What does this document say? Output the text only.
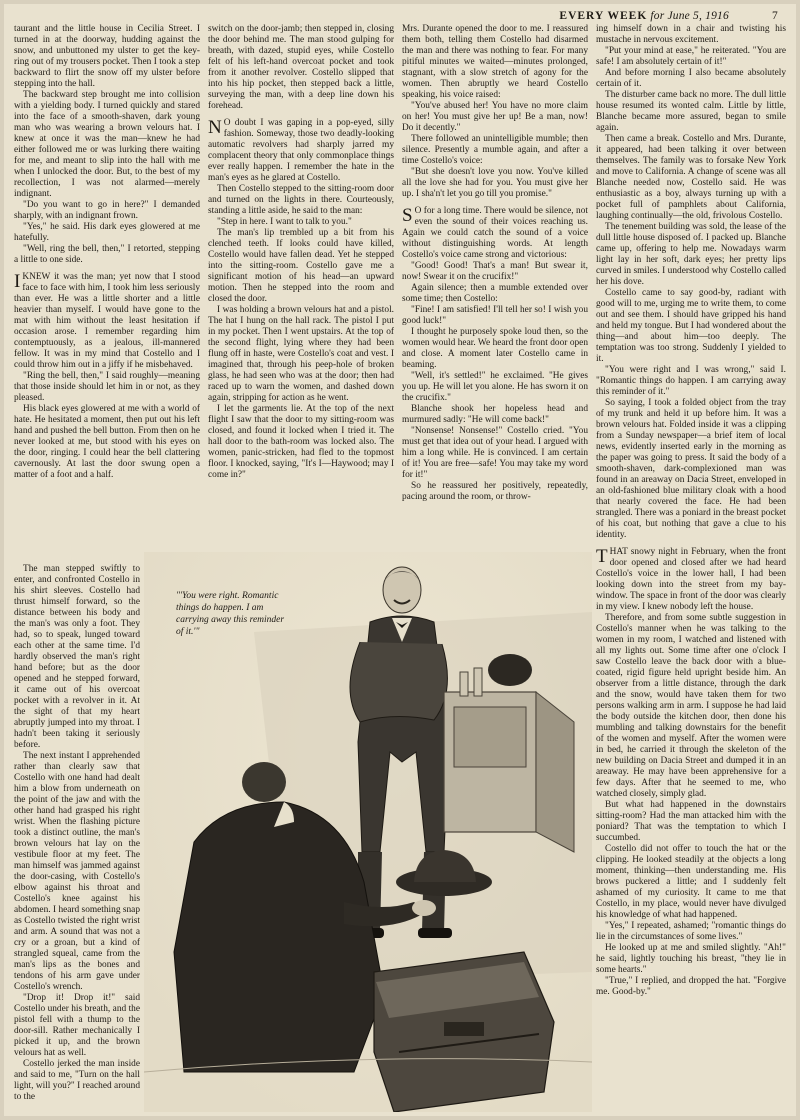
EVERY WEEK for June 5, 1916	7

taurant and the little house in Cecilia Street. I turned in at the doorway, hudding against the snow, and unbuttoned my ulster to get the key-ring out of my trousers pocket. Then I took a step backward to flirt the snow off my ulster before stepping into the hall.

The backward step brought me into collision with a yielding body. I turned quickly and stared into the face of a smooth-shaven, dark young man who was wearing a brown velours hat. I knew at once it was the man—knew he had either followed me or was lurking there waiting for me, and meant to slip into the hall with me when I unlocked the door. But, to the best of my recollection, I was not alarmed—merely indignant.

"Do you want to go in here?" I demanded sharply, with an indignant frown.

"Yes," he said. His dark eyes glowered at me hatefully.

"Well, ring the bell, then," I retorted, stepping a little to one side.

I KNEW it was the man; yet now that I stood face to face with him, I took him less seriously than ever. He was a little shorter and a little heavier than myself. I would have gone to the mat with him without the least hesitation if occasion arose. I remember regarding him contemptuously, as a jealous, ill-mannered fellow. It was in my mind that Costello and I could throw him out in a jiffy if he misbehaved.

"Ring the bell, then," I said roughly—meaning that those inside should let him in or not, as they pleased.

His black eyes glowered at me with a world of hate. He hesitated a moment, then put out his left hand and pushed the bell button. From then on he never looked at me, but stood with his eyes on the door, ringing. I could hear the bell clattering cavernously. At last the door swung open a matter of a foot and a half.

The man stepped swiftly to enter, and confronted Costello in his shirt sleeves. Costello had thrust himself forward, so the distance between his body and the man's was only a foot. They had, so to speak, lunged toward each other at the same time. I'd hardly observed the man's right hand before; but as the door opened and he stepped forward, it came out of his overcoat pocket with a revolver in it. At the sight of that my heart abruptly jumped into my throat. I hadn't been taking it seriously before.

The next instant I apprehended rather than clearly saw that Costello with one hand had dealt him a blow from underneath on the point of the jaw and with the other hand had grasped his right wrist. When the flashing picture took a distinct outline, the man's brown velours hat lay on the vestibule floor at my feet. The man himself was jammed against the door-casing, with Costello's elbow against his throat and Costello's knee against his abdomen. I heard something snap as Costello twisted the right wrist and arm. A sound that was not a cry or a groan, but a kind of strangled squeal, came from the man's lips as the bones and tendons of his arm gave under Costello's wrench.

"Drop it! Drop it!" said Costello under his breath, and the pistol fell with a thump to the door-sill. Rather mechanically I picked it up, and the brown velours hat as well.

Costello jerked the man inside and said to me, "Turn on the hall light, will you?" I reached around to the

switch on the door-jamb; then stepped in, closing the door behind me. The man stood gulping for breath, with dazed, stupid eyes, while Costello felt of his left-hand overcoat pocket and took from it another revolver. Costello slipped that into his hip pocket, then stepped back a little, surveying the man, with a deep line down his forehead.

N O doubt I was gaping in a pop-eyed, silly fashion. Someway, those two deadly-looking automatic revolvers had sharply jarred my complacent theory that only commonplace things ever really happen. I remember the hate in the man's eyes as he glared at Costello.

Then Costello stepped to the sitting-room door and turned on the lights in there. Courteously, standing a little aside, he said to the man:

"Step in here. I want to talk to you."

The man's lip trembled up a bit from his clenched teeth. If looks could have killed, Costello would have fallen dead. Yet he stepped into the sitting-room. Costello gave me a significant motion of his head—an upward motion. Then he stepped into the room and closed the door.

I was holding a brown velours hat and a pistol. The hat I hung on the hall rack. The pistol I put in my pocket. Then I went upstairs. At the top of the second flight, lying where they had been flung off in haste, were Costello's coat and vest. I imagined that, through his peep-hole of broken glass, he had seen who was at the door; then had raced up to warn the women, and dashed down again, stripping for action as he went.

I let the garments lie. At the top of the next flight I saw that the door to my sitting-room was closed, and found it locked when I tried it. The hall door to the bath-room was locked also. The women, panic-stricken, had fled to the topmost floor. I knocked, saying, "It's I—Haywood; may I come in?"

Mrs. Durante opened the door to me. I reassured them both, telling them Costello had disarmed the man and there was nothing to fear. For many pitiful minutes we waited—minutes prolonged, stagnant, with a slow stretch of agony for the women. Then abruptly we heard Costello speaking, his voice raised:

"You've abused her! You have no more claim on her! You must give her up! Be a man, now! Do it decently."

There followed an unintelligible mumble; then silence. Presently a mumble again, and after a time Costello's voice:

"But she doesn't love you now. You've killed all the love she had for you. You must give her up. I sha'n't let you go till you promise."

S O for a long time. There would be silence, not even the sound of their voices reaching us. Again we could catch the sound of a voice without distinguishing words. At length Costello's voice came strong and victorious:

"Good! Good! That's a man! But swear it, now! Swear it on the crucifix!"

Again silence; then a mumble extended over some time; then Costello:

"Fine! I am satisfied! I'll tell her so! I wish you good luck!"

I thought he purposely spoke loud then, so the women would hear. We heard the front door open and close. A moment later Costello came in beaming.

"Well, it's settled!" he exclaimed. "He gives you up. He will let you alone. He has sworn it on the crucifix."

Blanche shook her hopeless head and murmured sadly: "He will come back!"

"Nonsense! Nonsense!" Costello cried. "You must get that idea out of your head. I argued with him a long while. He is convinced. I am certain of it! You are free—safe! You may take my word for it!"

So he reassured her positively, repeatedly, pacing around the room, or throw-

ing himself down in a chair and twisting his mustache in nervous excitement.

"Put your mind at ease," he reiterated. "You are safe! I am absolutely certain of it!"

And before morning I also became absolutely certain of it.

The disturber came back no more. The dull little house resumed its wonted calm. Little by little, Blanche became more assured, began to smile again.

Then came a break. Costello and Mrs. Durante, it appeared, had been talking it over between themselves. The family was to forsake New York and move to California. A change of scene was all Blanche needed now, Costello said. He was enthusiastic as a boy, always turning up with a pocket full of pamphlets about California, laughing continually—the old, frivolous Costello.

The tenement building was sold, the lease of the dull little house disposed of. I packed up. Blanche came up, offering to help me. Nowadays warm light lay in her soft, dark eyes; her pretty lips curved in smiles. I understood why Costello called her his dove.

Costello came to say good-by, radiant with good will to me, urging me to write them, to come out and see them. I should have gripped his hand and held my tongue. But I had wondered about the thing—and about him—too deeply. The temptation was too strong. Suddenly I yielded to it.

"You were right and I was wrong," said I. "Romantic things do happen. I am carrying away this reminder of it."

So saying, I took a folded object from the tray of my trunk and held it up before him. It was a brown velours hat. Folded inside it was a clipping from a Sunday newspaper—a brief item of local news, evidently inserted early in the morning as the paper was going to press. It said the body of a smooth-shaven, dark-complexioned man was found in an areaway on Dacia Street, enveloped in an old-fashioned blue military cloak with a hood that nearly covered the face. He had been strangled. There was a poniard in the breast pocket of his coat, but nothing that gave a clue to his identity.

THAT snowy night in February, when the front door opened and closed after we had heard Costello's voice in the lower hall, I had been looking down into the street from my bay-window. The space in front of the door was clearly in my view. I knew nobody left the house.

Therefore, and from some subtle suggestion in Costello's manner when he was talking to the women in my room, I watched and listened with all my lights out. Some time after one o'clock I saw Costello leave the back door with a blue-coated, rigid figure held upright beside him. An observer from a little distance, through the dark and the snow, would have taken them for two persons walking arm in arm. I suppose he had laid the body outside the kitchen door, then done his mumbling and talking downstairs for the benefit of the women and myself. After the women were in bed, he carried it through the skeleton of the new building on Dacia Street and dumped it in an areaway. He may have been apprehensive for a few days. After that he seemed to me, who watched closely, simply glad.

But what had happened in the downstairs sitting-room? Had the man attacked him with the poniard? That was the temptation to which I succumbed.

Costello did not offer to touch the hat or the clipping. He looked steadily at the objects a long moment, thinking—then understanding me. His brows puckered a little; and I suddenly felt ashamed of my curiosity. It came to me that Costello, in my place, would never have divulged his knowledge of what had happened.

"Yes," I repeated, ashamed; "romantic things do lie in the circumstances of some lives."

He looked up at me and smiled slightly. "Ah!" he said, lightly touching his breast, "they lie in some hearts."

"True," I replied, and dropped the hat. "Forgive me. Good-by."

"'You were right. Romantic things do happen. I am carrying away this reminder of it.'"
